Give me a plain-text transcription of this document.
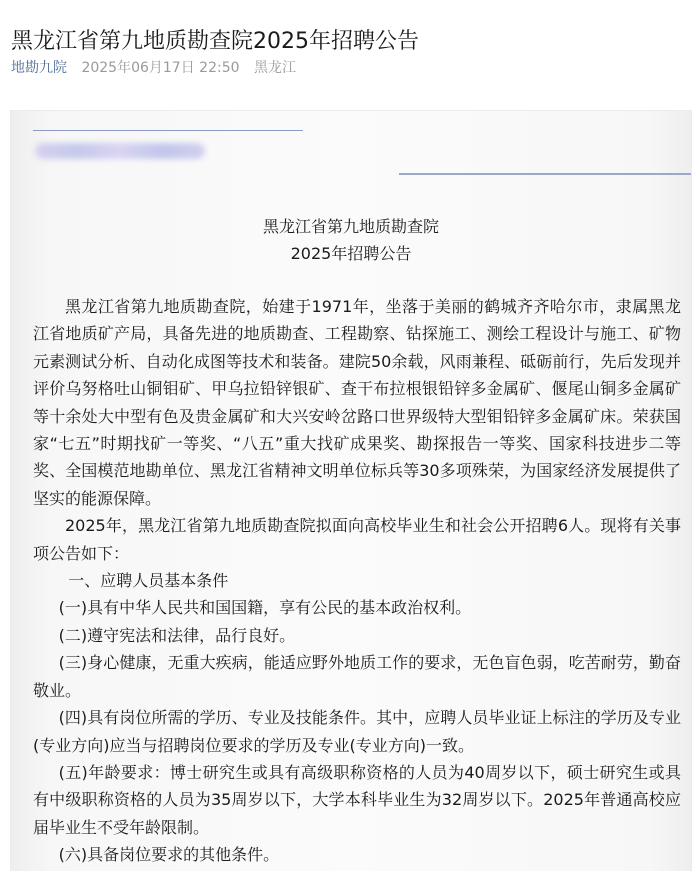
黑龙江省第九地质勘查院2025年招聘公告
地勘九院 2025年06月17日 22:50 黑龙江
黑龙江省第九地质勘查院
2025年招聘公告

黑龙江省第九地质勘查院，始建于1971年，坐落于美丽的鹤城齐齐哈尔市，隶属黑龙江省地质矿产局，具备先进的地质勘查、工程勘察、钻探施工、测绘工程设计与施工、矿物元素测试分析、自动化成图等技术和装备。建院50余载，风雨兼程、砥砺前行，先后发现并评价乌努格吐山铜钼矿、甲乌拉铅锌银矿、查干布拉根银铅锌多金属矿、偃尾山铜多金属矿等十余处大中型有色及贵金属矿和大兴安岭岔路口世界级特大型钼铅锌多金属矿床。荣获国家“七五”时期找矿一等奖、“八五”重大找矿成果奖、勘探报告一等奖、国家科技进步二等奖、全国模范地勘单位、黑龙江省精神文明单位标兵等30多项殊荣，为国家经济发展提供了坚实的能源保障。

2025年，黑龙江省第九地质勘查院拟面向高校毕业生和社会公开招聘6人。现将有关事项公告如下：

一、应聘人员基本条件

(一)具有中华人民共和国国籍，享有公民的基本政治权利。

(二)遵守宪法和法律，品行良好。

(三)身心健康，无重大疾病，能适应野外地质工作的要求，无色盲色弱，吃苦耐劳，勤奋敬业。

(四)具有岗位所需的学历、专业及技能条件。其中，应聘人员毕业证上标注的学历及专业(专业方向)应当与招聘岗位要求的学历及专业(专业方向)一致。

(五)年龄要求：博士研究生或具有高级职称资格的人员为40周岁以下，硕士研究生或具有中级职称资格的人员为35周岁以下，大学本科毕业生为32周岁以下。2025年普通高校应届毕业生不受年龄限制。

(六)具备岗位要求的其他条件。
